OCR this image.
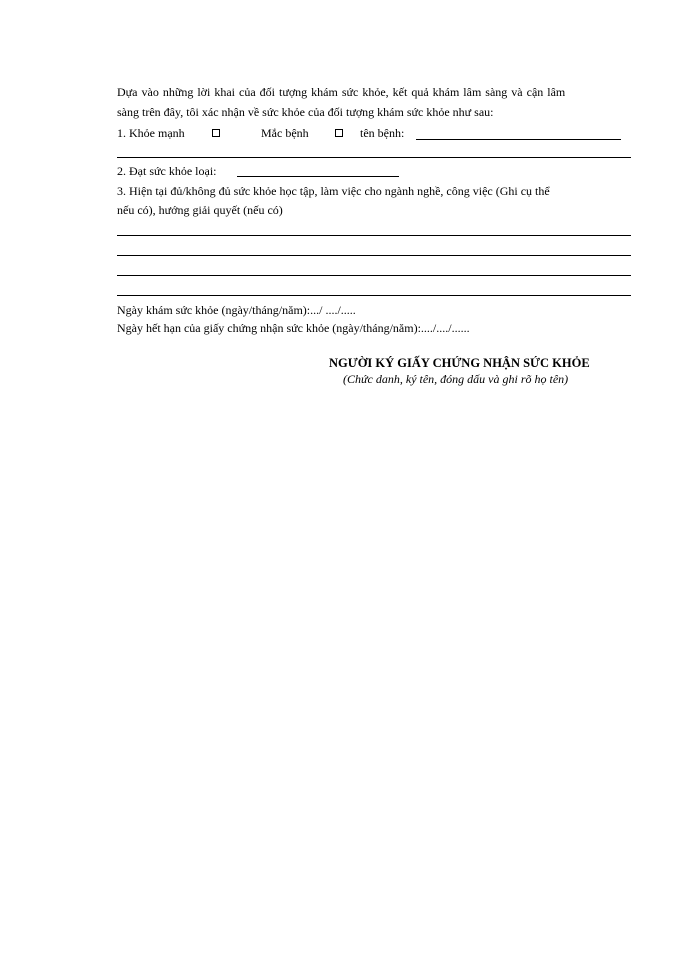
Dựa vào những lời khai của đối tượng khám sức khỏe, kết quả khám lâm sàng và cận lâm
sàng trên đây, tôi xác nhận về sức khỏe của đối tượng khám sức khỏe như sau:
1. Khỏe mạnh	Mắc bệnh	tên bệnh:
2. Đạt sức khỏe loại:
3. Hiện tại đủ/không đủ sức khỏe học tập, làm việc cho ngành nghề, công việc (Ghi cụ thể
nếu có), hướng giải quyết (nếu có)
Ngày khám sức khỏe (ngày/tháng/năm):.../ ..../.....
Ngày hết hạn của giấy chứng nhận sức khỏe (ngày/tháng/năm):..../..../......
NGƯỜI KÝ GIẤY CHỨNG NHẬN SỨC KHỎE
(Chức danh, ký tên, đóng dấu và ghi rõ họ tên)
